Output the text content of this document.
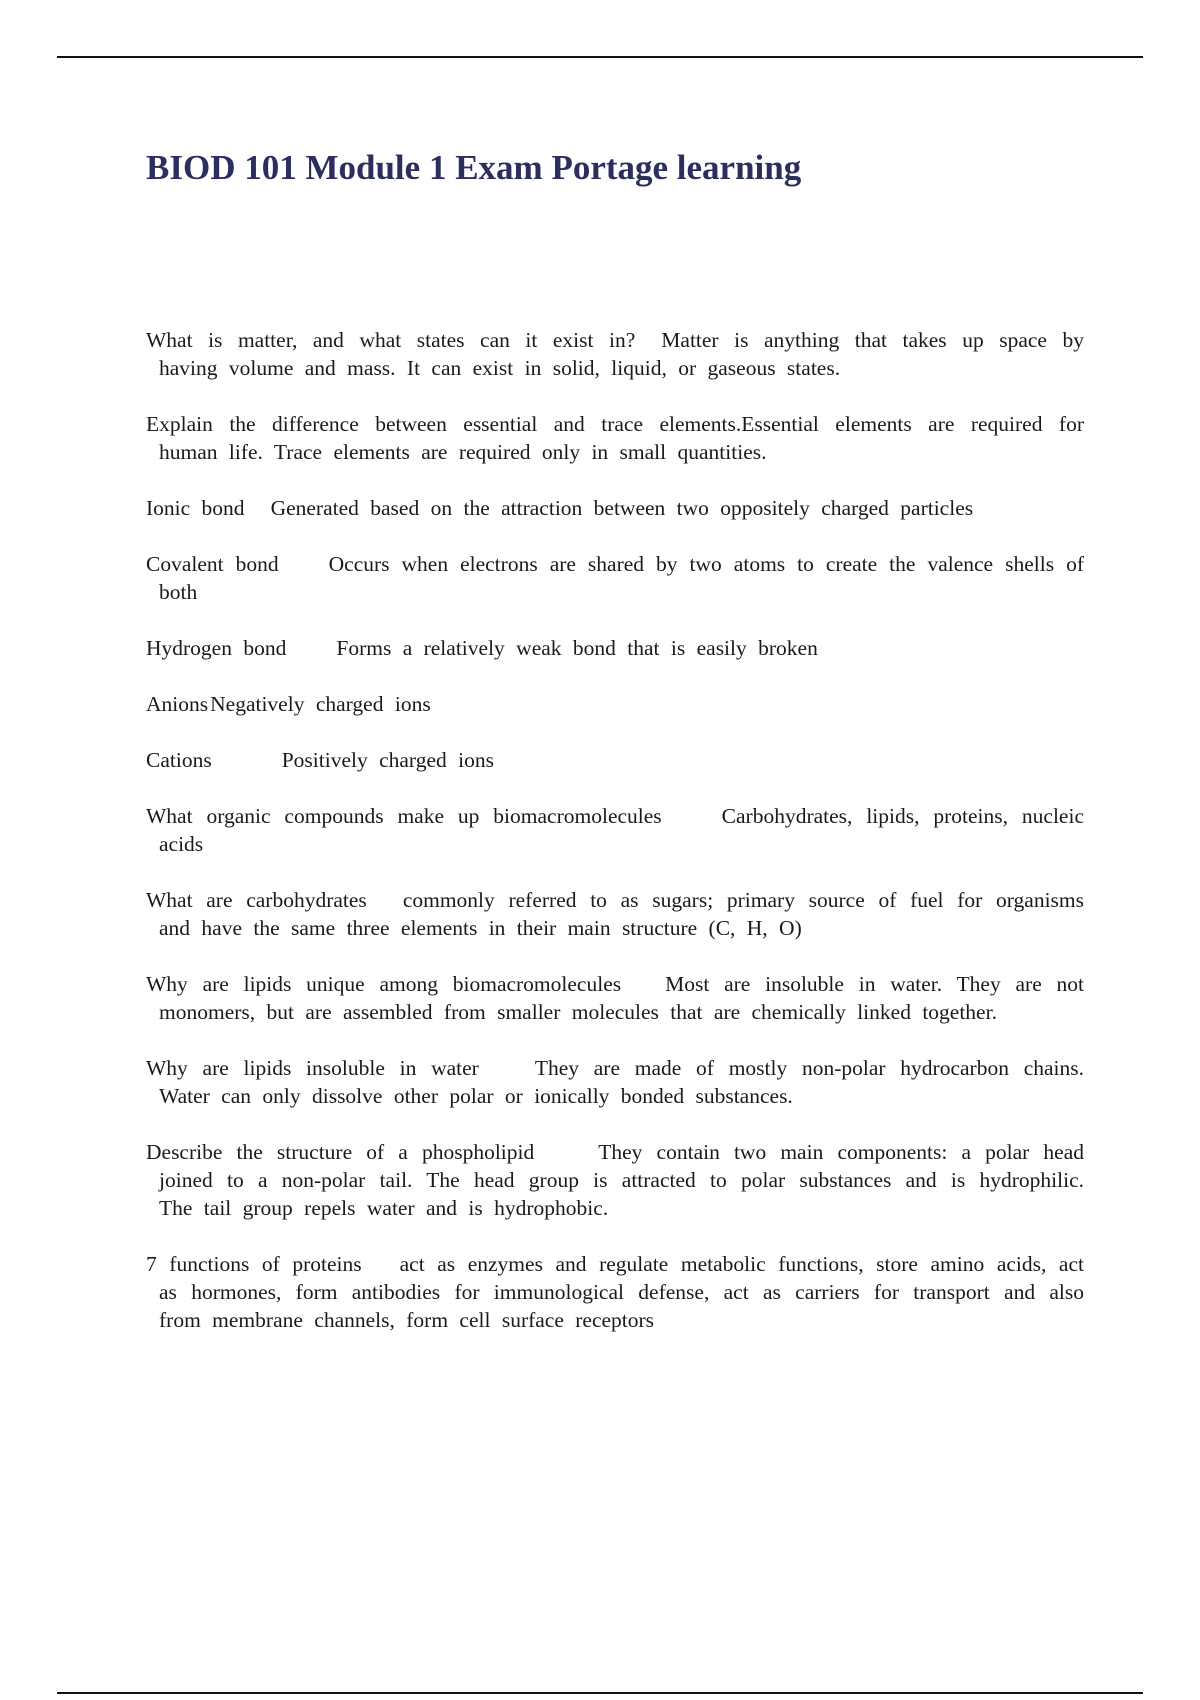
BIOD 101 Module 1 Exam Portage learning
What is matter, and what states can it exist in? Matter is anything that takes up space by having volume and mass. It can exist in solid, liquid, or gaseous states.
Explain the difference between essential and trace elements.Essential elements are required for human life. Trace elements are required only in small quantities.
Ionic bond Generated based on the attraction between two oppositely charged particles
Covalent bond Occurs when electrons are shared by two atoms to create the valence shells of both
Hydrogen bond Forms a relatively weak bond that is easily broken
AnionsNegatively charged ions
Cations	Positively charged ions
What organic compounds make up biomacromolecules	Carbohydrates, lipids, proteins, nucleic acids
What are carbohydrates commonly referred to as sugars; primary source of fuel for organisms and have the same three elements in their main structure (C, H, O)
Why are lipids unique among biomacromolecules Most are insoluble in water. They are not monomers, but are assembled from smaller molecules that are chemically linked together.
Why are lipids insoluble in water	They are made of mostly non-polar hydrocarbon chains. Water can only dissolve other polar or ionically bonded substances.
Describe the structure of a phospholipid	They contain two main components: a polar head joined to a non-polar tail. The head group is attracted to polar substances and is hydrophilic. The tail group repels water and is hydrophobic.
7 functions of proteins act as enzymes and regulate metabolic functions, store amino acids, act as hormones, form antibodies for immunological defense, act as carriers for transport and also from membrane channels, form cell surface receptors
